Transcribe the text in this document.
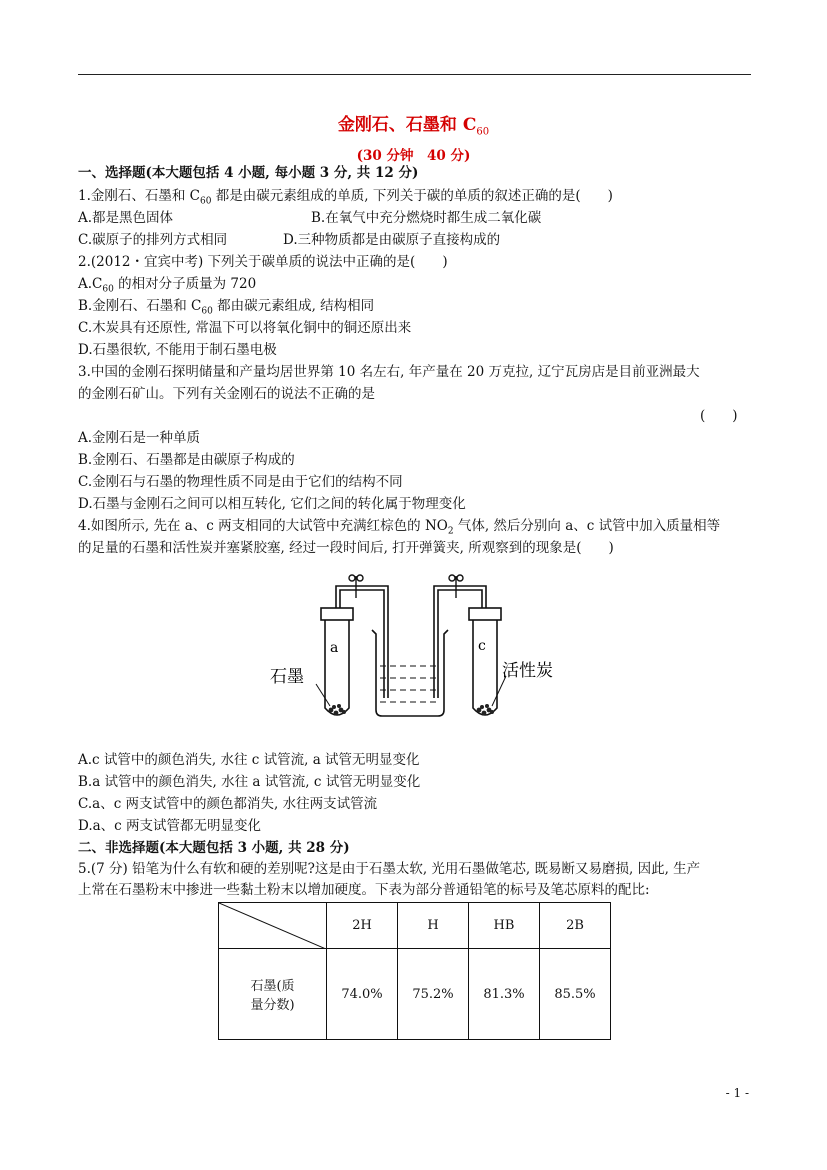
金刚石、石墨和 $C_{60}$
(30 分钟　40 分)
一、选择题(本大题包括 4 小题, 每小题 3 分, 共 12 分)
1.金刚石、石墨和 $C_{60}$ 都是由碳元素组成的单质, 下列关于碳的单质的叙述正确的是(　　)
A.都是黑色固体	B.在氧气中充分燃烧时都生成二氧化碳
C.碳原子的排列方式相同	D.三种物质都是由碳原子直接构成的
2.(2012・宜宾中考) 下列关于碳单质的说法中正确的是(　　)
$A.C_{60}$ 的相对分子质量为 720
B.金刚石、石墨和 $C_{60}$ 都由碳元素组成, 结构相同
C.木炭具有还原性, 常温下可以将氧化铜中的铜还原出来
D.石墨很软, 不能用于制石墨电极
3.中国的金刚石探明储量和产量均居世界第 10 名左右, 年产量在 20 万克拉, 辽宁瓦房店是目前亚洲最大
的金刚石矿山。下列有关金刚石的说法不正确的是
(　　)
A.金刚石是一种单质
B.金刚石、石墨都是由碳原子构成的
C.金刚石与石墨的物理性质不同是由于它们的结构不同
D.石墨与金刚石之间可以相互转化, 它们之间的转化属于物理变化
4.如图所示, 先在 a、c 两支相同的大试管中充满红棕色的 $NO_2$ 气体, 然后分别向 a、c 试管中加入质量相等
的足量的石墨和活性炭并塞紧胶塞, 经过一段时间后, 打开弹簧夹, 所观察到的现象是(　　)
a	c
石墨	活性炭
A.c 试管中的颜色消失, 水往 c 试管流, a 试管无明显变化
B.a 试管中的颜色消失, 水往 a 试管流, c 试管无明显变化
C.a、c 两支试管中的颜色都消失, 水往两支试管流
D.a、c 两支试管都无明显变化
二、非选择题(本大题包括 3 小题, 共 28 分)
5.(7 分) 铅笔为什么有软和硬的差别呢?这是由于石墨太软, 光用石墨做笔芯, 既易断又易磨损, 因此, 生产
上常在石墨粉末中掺进一些黏土粉末以增加硬度。下表为部分普通铅笔的标号及笔芯原料的配比:
	2H	H	HB	2B

石墨(质
量分数)	74.0%	75.2%	81.3%	85.5%
- 1 -
